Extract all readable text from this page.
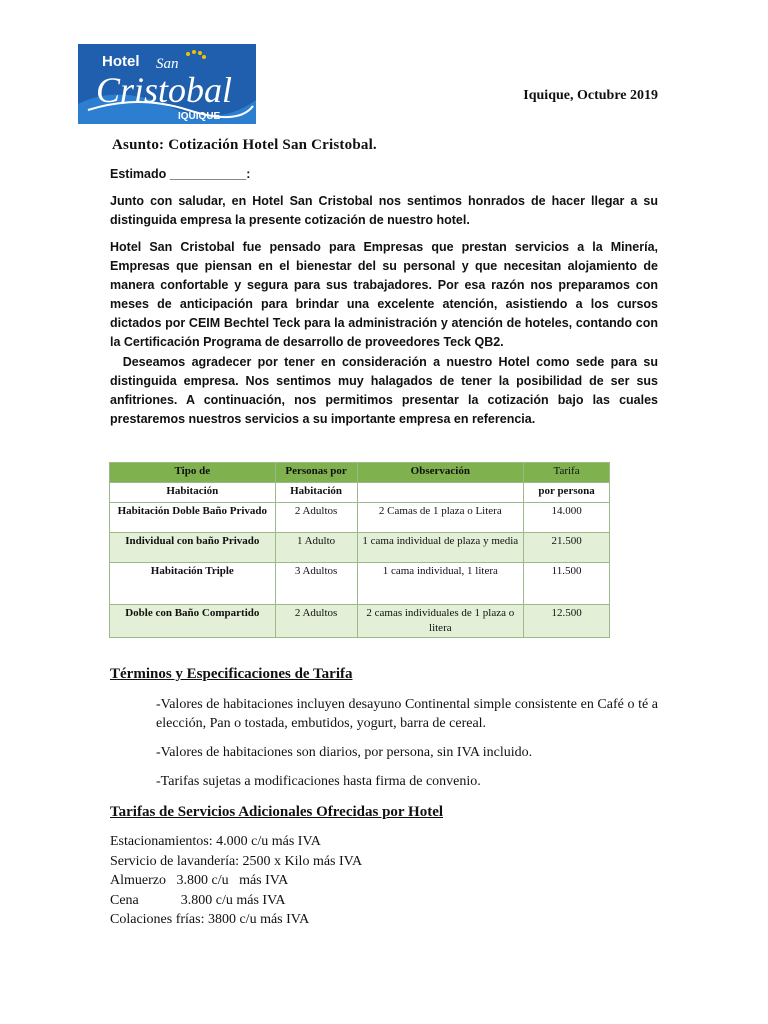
Hotel San
Cristobal
IQUIQUE
Iquique, Octubre 2019
Asunto: Cotización Hotel San Cristobal.
Estimado ___________:
Junto con saludar, en Hotel San Cristobal nos sentimos honrados de hacer llegar a su distinguida empresa la presente cotización de nuestro hotel.
Hotel San Cristobal fue pensado para Empresas que prestan servicios a la Minería, Empresas que piensan en el bienestar del su personal y que necesitan alojamiento de manera confortable y segura para sus trabajadores. Por esa razón nos preparamos con meses de anticipación para brindar una excelente atención, asistiendo a los cursos dictados por CEIM Bechtel Teck para la administración y atención de hoteles, contando con la Certificación Programa de desarrollo de proveedores Teck QB2.
Deseamos agradecer por tener en consideración a nuestro Hotel como sede para su distinguida empresa. Nos sentimos muy halagados de tener la posibilidad de ser sus anfitriones. A continuación, nos permitimos presentar la cotización bajo las cuales prestaremos nuestros servicios a su importante empresa en referencia.
Tipo de	Personas por	Observación	Tarifa
Habitación	Habitación		por persona
Habitación Doble Baño Privado	2 Adultos	2 Camas de 1 plaza o Litera	14.000
Individual con baño Privado	1 Adulto	1 cama individual de plaza y media	21.500
Habitación Triple	3 Adultos	1 cama individual, 1 litera	11.500
Doble con Baño Compartido	2 Adultos	2 camas individuales de 1 plaza o litera	12.500
Términos y Especificaciones de Tarifa
-Valores de habitaciones incluyen desayuno Continental simple consistente en Café o té a elección, Pan o tostada, embutidos, yogurt, barra de cereal.
-Valores de habitaciones son diarios, por persona, sin IVA incluido.
-Tarifas sujetas a modificaciones hasta firma de convenio.
Tarifas de Servicios Adicionales Ofrecidas por Hotel
Estacionamientos: 4.000 c/u más IVA
Servicio de lavandería: 2500 x Kilo más IVA
Almuerzo   3.800 c/u   más IVA
Cena            3.800 c/u más IVA
Colaciones frías: 3800 c/u más IVA
